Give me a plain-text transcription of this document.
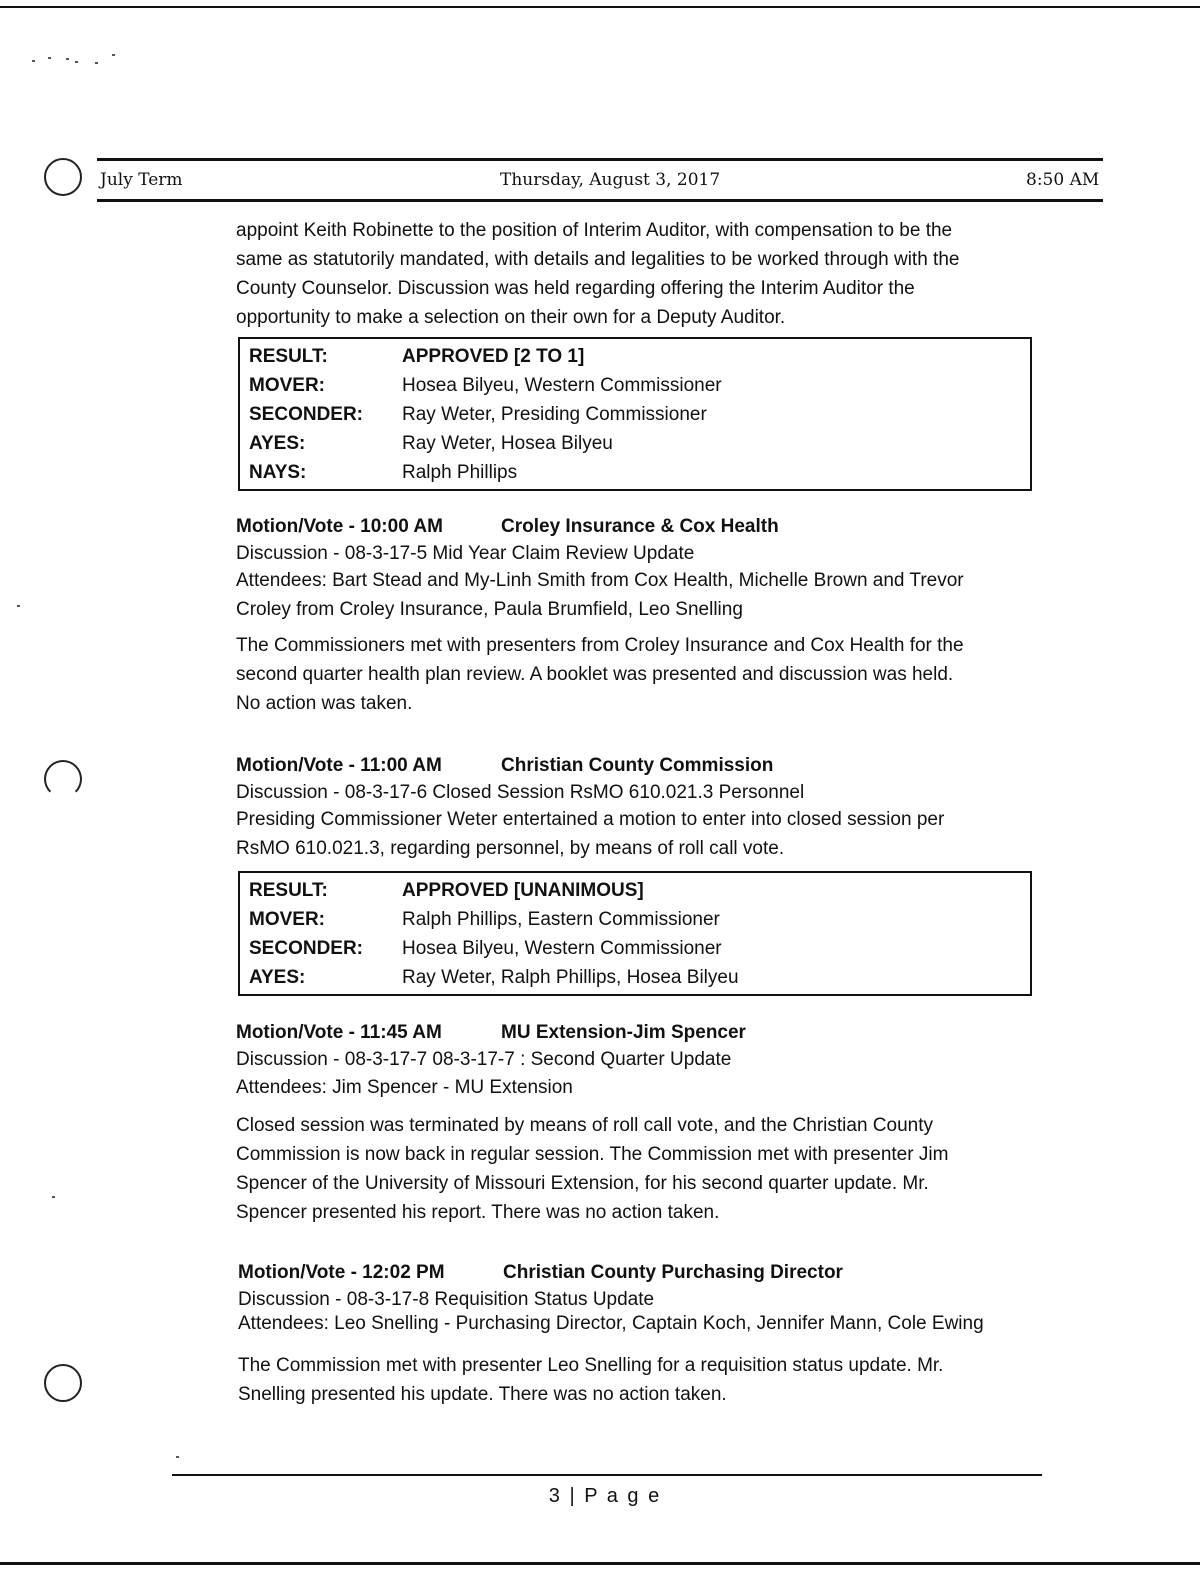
July Term	Thursday, August 3, 2017	8:50 AM
appoint Keith Robinette to the position of Interim Auditor, with compensation to be the
same as statutorily mandated, with details and legalities to be worked through with the
County Counselor. Discussion was held regarding offering the Interim Auditor the
opportunity to make a selection on their own for a Deputy Auditor.
RESULT:	APPROVED [2 TO 1]
MOVER:	Hosea Bilyeu, Western Commissioner
SECONDER: Ray Weter, Presiding Commissioner
AYES:	Ray Weter, Hosea Bilyeu
NAYS:	Ralph Phillips
Motion/Vote - 10:00 AM	Croley Insurance & Cox Health
Discussion - 08-3-17-5 Mid Year Claim Review Update
Attendees: Bart Stead and My-Linh Smith from Cox Health, Michelle Brown and Trevor
Croley from Croley Insurance, Paula Brumfield, Leo Snelling
The Commissioners met with presenters from Croley Insurance and Cox Health for the
second quarter health plan review. A booklet was presented and discussion was held.
No action was taken.
Motion/Vote - 11:00 AM	Christian County Commission
Discussion - 08-3-17-6 Closed Session RsMO 610.021.3 Personnel
Presiding Commissioner Weter entertained a motion to enter into closed session per
RsMO 610.021.3, regarding personnel, by means of roll call vote.
RESULT:	APPROVED [UNANIMOUS]
MOVER:	Ralph Phillips, Eastern Commissioner
SECONDER: Hosea Bilyeu, Western Commissioner
AYES:	Ray Weter, Ralph Phillips, Hosea Bilyeu
Motion/Vote - 11:45 AM	MU Extension-Jim Spencer
Discussion - 08-3-17-7 08-3-17-7 : Second Quarter Update
Attendees: Jim Spencer - MU Extension
Closed session was terminated by means of roll call vote, and the Christian County
Commission is now back in regular session. The Commission met with presenter Jim
Spencer of the University of Missouri Extension, for his second quarter update. Mr.
Spencer presented his report. There was no action taken.
Motion/Vote - 12:02 PM	Christian County Purchasing Director
Discussion - 08-3-17-8 Requisition Status Update
Attendees: Leo Snelling - Purchasing Director, Captain Koch, Jennifer Mann, Cole Ewing
The Commission met with presenter Leo Snelling for a requisition status update. Mr.
Snelling presented his update. There was no action taken.
3 | P a g e
